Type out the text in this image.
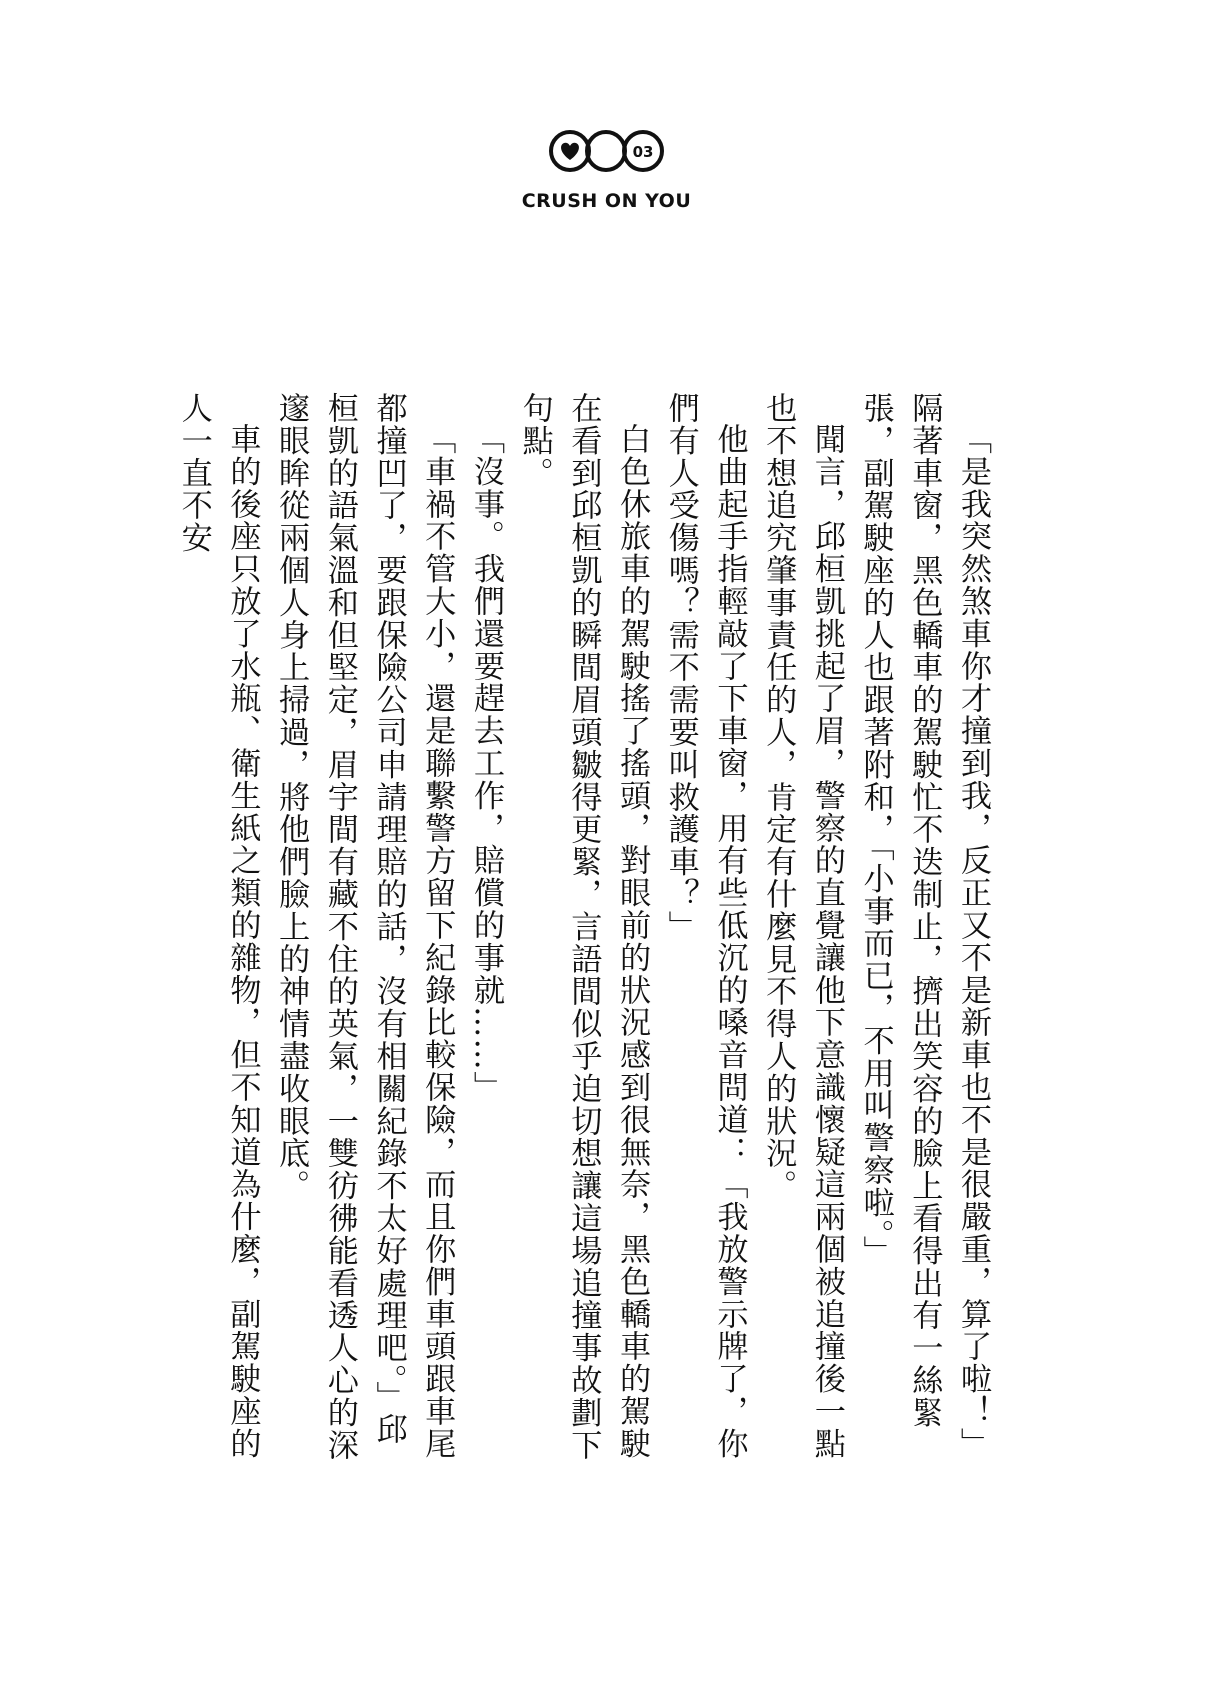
03
CRUSH ON YOU

「是我突然煞車你才撞到我，反正又不是新車也不是很嚴重，算了啦！」隔著車窗，黑色轎車的駕駛忙不迭制止，擠出笑容的臉上看得出有一絲緊張，副駕駛座的人也跟著附和，「小事而已，不用叫警察啦。」

聞言，邱桓凱挑起了眉，警察的直覺讓他下意識懷疑這兩個被追撞後一點也不想追究肇事責任的人，肯定有什麼見不得人的狀況。

他曲起手指輕敲了下車窗，用有些低沉的嗓音問道：「我放警示牌了，你們有人受傷嗎？需不需要叫救護車？」

白色休旅車的駕駛搖了搖頭，對眼前的狀況感到很無奈，黑色轎車的駕駛在看到邱桓凱的瞬間眉頭皺得更緊，言語間似乎迫切想讓這場追撞事故劃下句點。

「沒事。我們還要趕去工作，賠償的事就……」

「車禍不管大小，還是聯繫警方留下紀錄比較保險，而且你們車頭跟車尾都撞凹了，要跟保險公司申請理賠的話，沒有相關紀錄不太好處理吧。」邱桓凱的語氣溫和但堅定，眉宇間有藏不住的英氣，一雙彷彿能看透人心的深邃眼眸從兩個人身上掃過，將他們臉上的神情盡收眼底。

車的後座只放了水瓶、衛生紙之類的雜物，但不知道為什麼，副駕駛座的人一直不安
